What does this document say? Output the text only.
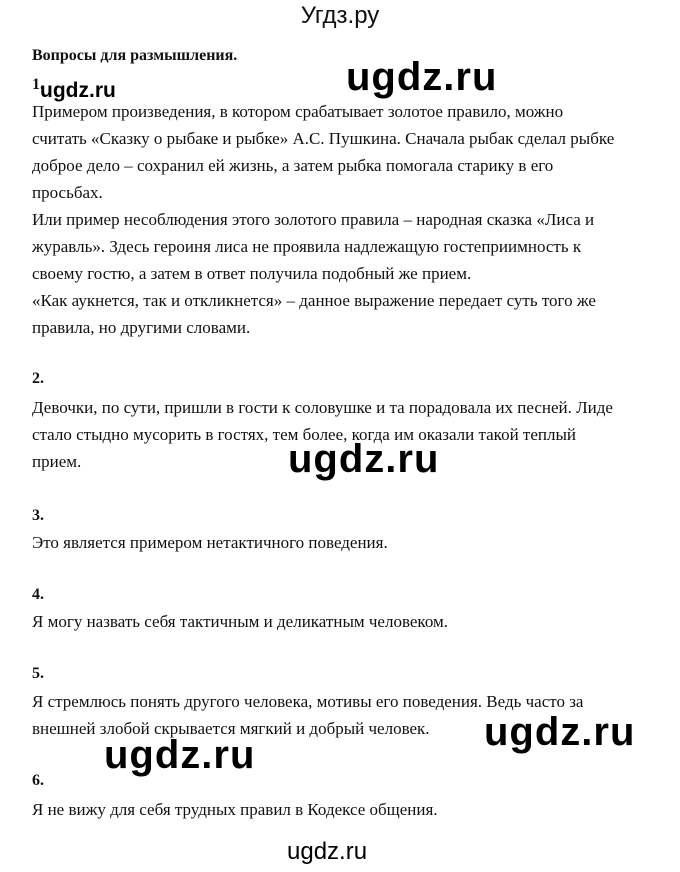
Угдз.ру
Вопросы для размышления.
1.
Примером произведения, в котором срабатывает золотое правило, можно
считать «Сказку о рыбаке и рыбке» А.С. Пушкина. Сначала рыбак сделал рыбке
доброе дело – сохранил ей жизнь, а затем рыбка помогала старику в его
просьбах.
Или пример несоблюдения этого золотого правила – народная сказка «Лиса и
журавль». Здесь героиня лиса не проявила надлежащую гостеприимность к
своему гостю, а затем в ответ получила подобный же прием.
«Как аукнется, так и откликнется» – данное выражение передает суть того же
правила, но другими словами.
2.
Девочки, по сути, пришли в гости к соловушке и та порадовала их песней. Лиде
стало стыдно мусорить в гостях, тем более, когда им оказали такой теплый
прием.
3.
Это является примером нетактичного поведения.
4.
Я могу назвать себя тактичным и деликатным человеком.
5.
Я стремлюсь понять другого человека, мотивы его поведения. Ведь часто за
внешней злобой скрывается мягкий и добрый человек.
6.
Я не вижу для себя трудных правил в Кодексе общения.
ugdz.ru
ugdz.ru
ugdz.ru
ugdz.ru
ugdz.ru
ugdz.ru
